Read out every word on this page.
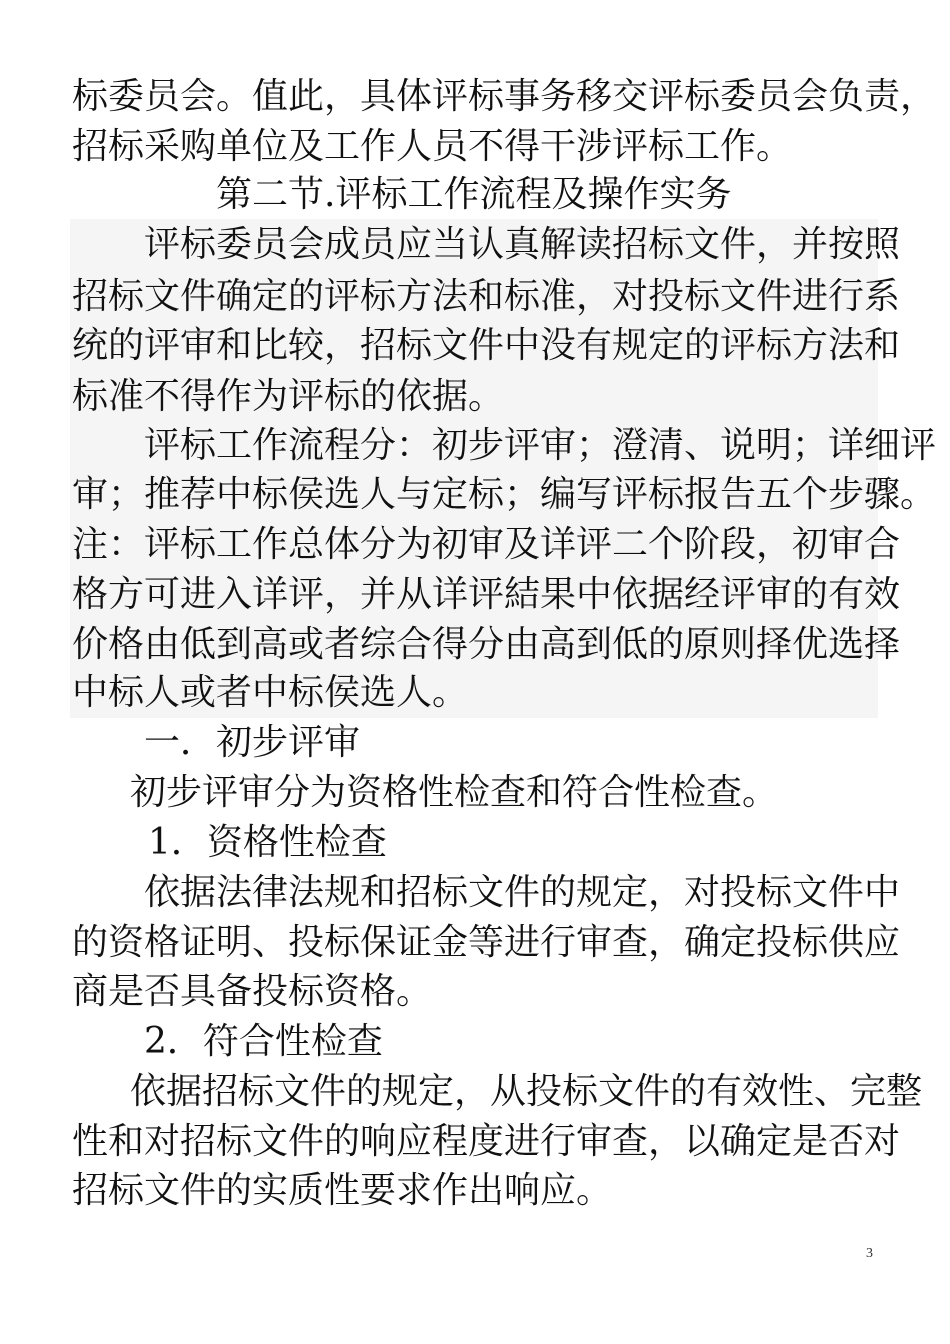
标委员会。值此，具体评标事务移交评标委员会负责，
招标采购单位及工作人员不得干涉评标工作。
第二节.评标工作流程及操作实务
评标委员会成员应当认真解读招标文件，并按照
招标文件确定的评标方法和标准，对投标文件进行系
统的评审和比较，招标文件中没有规定的评标方法和
标准不得作为评标的依据。
评标工作流程分：初步评审；澄清、说明；详细评
审；推荐中标侯选人与定标；编写评标报告五个步骤。
注：评标工作总体分为初审及详评二个阶段，初审合
格方可进入详评，并从详评結果中依据经评审的有效
价格由低到高或者综合得分由高到低的原则择优选择
中标人或者中标侯选人。
一．初步评审
初步评审分为资格性检查和符合性检查。
1．资格性检查
依据法律法规和招标文件的规定，对投标文件中
的资格证明、投标保证金等进行审查，确定投标供应
商是否具备投标资格。
2．符合性检查
依据招标文件的规定，从投标文件的有效性、完整
性和对招标文件的响应程度进行审查，以确定是否对
招标文件的实质性要求作出响应。
3
